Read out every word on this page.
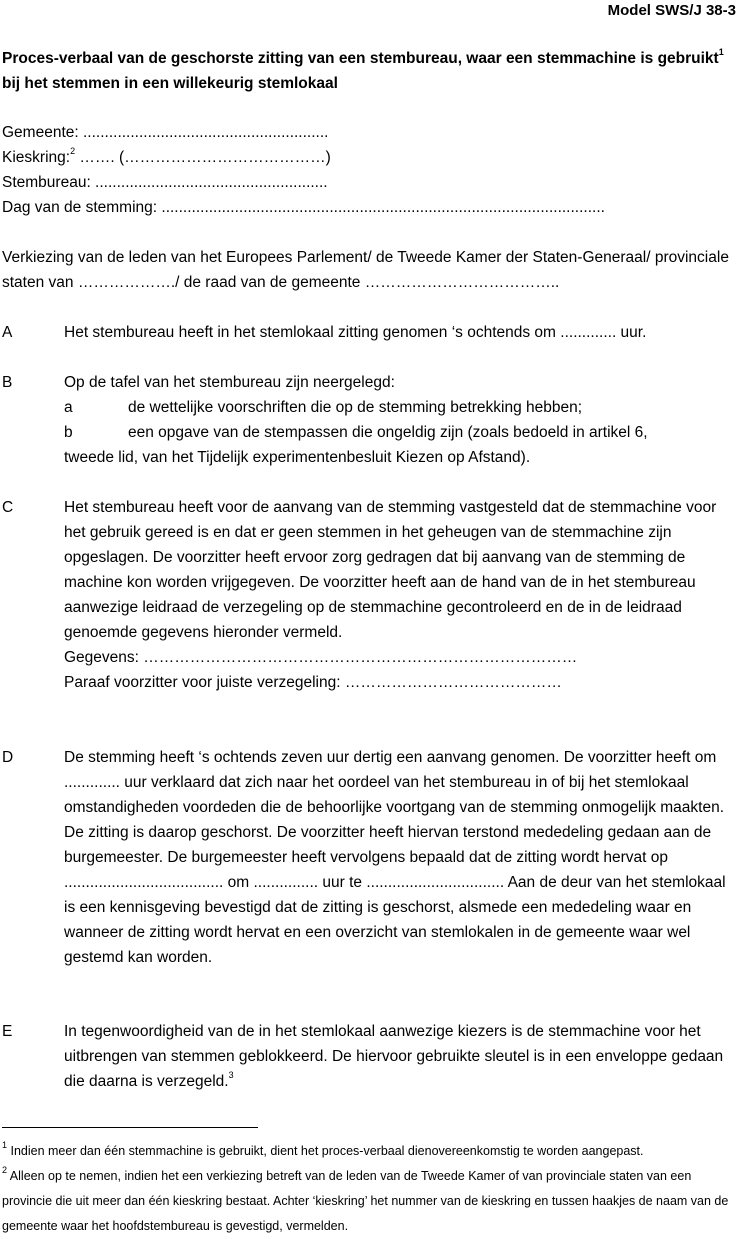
Model SWS/J 38-3
Proces-verbaal van de geschorste zitting van een stembureau, waar een stemmachine is gebruikt$^1$ bij het stemmen in een willekeurig stemlokaal
Gemeente: .........................................................
Kieskring:$^2$ ……. (…………………………………)
Stembureau: ......................................................
Dag van de stemming: .......................................................................................................
Verkiezing van de leden van het Europees Parlement/ de Tweede Kamer der Staten-Generaal/ provinciale staten van ………………./ de raad van de gemeente ………………………………..
A	Het stembureau heeft in het stemlokaal zitting genomen ‘s ochtends om ............. uur.
B	Op de tafel van het stembureau zijn neergelegd:
a	de wettelijke voorschriften die op de stemming betrekking hebben;
b	een opgave van de stempassen die ongeldig zijn (zoals bedoeld in artikel 6,
tweede lid, van het Tijdelijk experimentenbesluit Kiezen op Afstand).
C	Het stembureau heeft voor de aanvang van de stemming vastgesteld dat de stemmachine voor het gebruik gereed is en dat er geen stemmen in het geheugen van de stemmachine zijn opgeslagen. De voorzitter heeft ervoor zorg gedragen dat bij aanvang van de stemming de machine kon worden vrijgegeven. De voorzitter heeft aan de hand van de in het stembureau aanwezige leidraad de verzegeling op de stemmachine gecontroleerd en de in de leidraad genoemde gegevens hieronder vermeld.
Gegevens: …………………………………………………………………………
Paraaf voorzitter voor juiste verzegeling: ……………………………………
D	De stemming heeft ‘s ochtends zeven uur dertig een aanvang genomen. De voorzitter heeft om ............. uur verklaard dat zich naar het oordeel van het stembureau in of bij het stemlokaal omstandigheden voordeden die de behoorlijke voortgang van de stemming onmogelijk maakten. De zitting is daarop geschorst. De voorzitter heeft hiervan terstond mededeling gedaan aan de burgemeester. De burgemeester heeft vervolgens bepaald dat de zitting wordt hervat op ..................................... om ............... uur te ................................ Aan de deur van het stemlokaal is een kennisgeving bevestigd dat de zitting is geschorst, alsmede een mededeling waar en wanneer de zitting wordt hervat en een overzicht van stemlokalen in de gemeente waar wel gestemd kan worden.
E	In tegenwoordigheid van de in het stemlokaal aanwezige kiezers is de stemmachine voor het uitbrengen van stemmen geblokkeerd. De hiervoor gebruikte sleutel is in een enveloppe gedaan die daarna is verzegeld.$^3$
$^1$ Indien meer dan één stemmachine is gebruikt, dient het proces-verbaal dienovereenkomstig te worden aangepast.
$^2$ Alleen op te nemen, indien het een verkiezing betreft van de leden van de Tweede Kamer of van provinciale staten van een provincie die uit meer dan één kieskring bestaat. Achter ‘kieskring’ het nummer van de kieskring en tussen haakjes de naam van de gemeente waar het hoofdstembureau is gevestigd, vermelden.
